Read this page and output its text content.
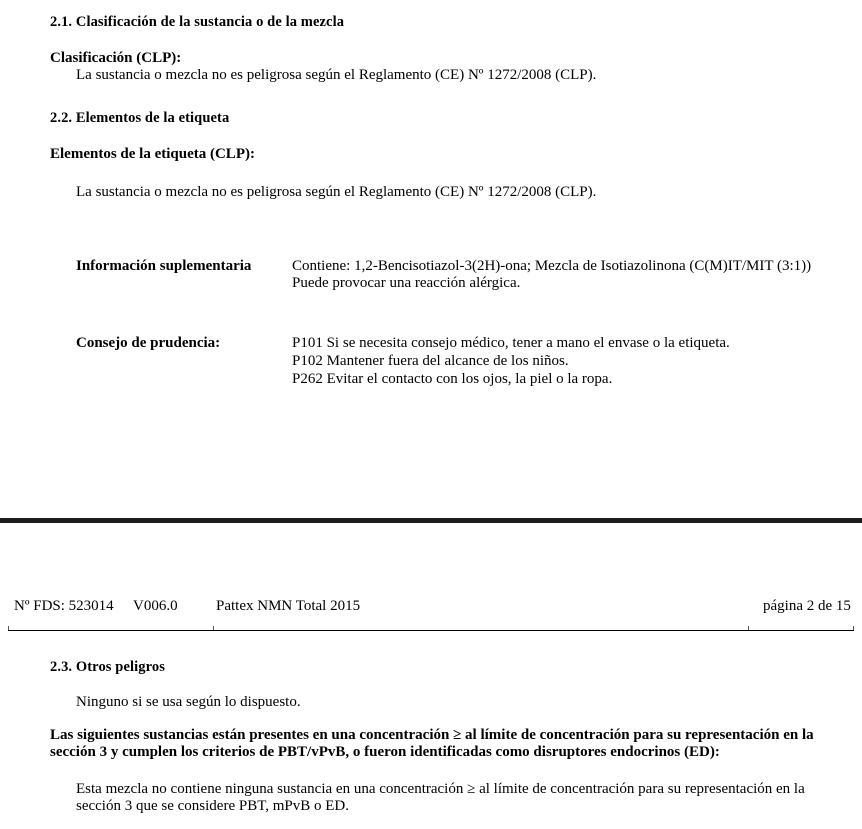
2.1. Clasificación de la sustancia o de la mezcla
Clasificación (CLP):
La sustancia o mezcla no es peligrosa según el Reglamento (CE) Nº 1272/2008 (CLP).
2.2. Elementos de la etiqueta
Elementos de la etiqueta (CLP):
La sustancia o mezcla no es peligrosa según el Reglamento (CE) Nº 1272/2008 (CLP).
Información suplementaria	Contiene: 1,2-Bencisotiazol-3(2H)-ona; Mezcla de Isotiazolinona (C(M)IT/MIT (3:1))
Puede provocar una reacción alérgica.
Consejo de prudencia:	P101 Si se necesita consejo médico, tener a mano el envase o la etiqueta.
P102 Mantener fuera del alcance de los niños.
P262 Evitar el contacto con los ojos, la piel o la ropa.
Nº FDS: 523014 V006.0	Pattex NMN Total 2015	página 2 de 15
2.3. Otros peligros
Ninguno si se usa según lo dispuesto.
Las siguientes sustancias están presentes en una concentración ≥ al límite de concentración para su representación en la
sección 3 y cumplen los criterios de PBT/vPvB, o fueron identificadas como disruptores endocrinos (ED):
Esta mezcla no contiene ninguna sustancia en una concentración ≥ al límite de concentración para su representación en la
sección 3 que se considere PBT, mPvB o ED.
